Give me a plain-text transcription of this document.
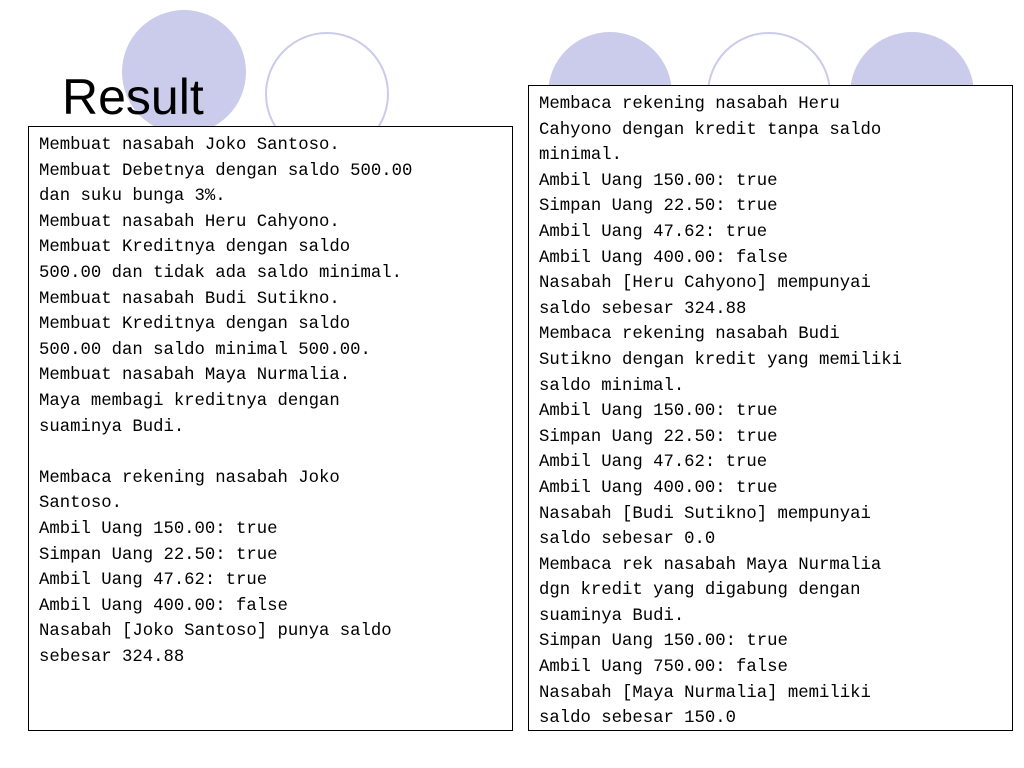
Result
Membuat nasabah Joko Santoso.
Membuat Debetnya dengan saldo 500.00
dan suku bunga 3%.
Membuat nasabah Heru Cahyono.
Membuat Kreditnya dengan saldo
500.00 dan tidak ada saldo minimal.
Membuat nasabah Budi Sutikno.
Membuat Kreditnya dengan saldo
500.00 dan saldo minimal 500.00.
Membuat nasabah Maya Nurmalia.
Maya membagi kreditnya dengan
suaminya Budi.
Membaca rekening nasabah Joko
Santoso.
Ambil Uang 150.00: true
Simpan Uang 22.50: true
Ambil Uang 47.62: true
Ambil Uang 400.00: false
Nasabah [Joko Santoso] punya saldo
sebesar 324.88
Membaca rekening nasabah Heru
Cahyono dengan kredit tanpa saldo
minimal.
Ambil Uang 150.00: true
Simpan Uang 22.50: true
Ambil Uang 47.62: true
Ambil Uang 400.00: false
Nasabah [Heru Cahyono] mempunyai
saldo sebesar 324.88
Membaca rekening nasabah Budi
Sutikno dengan kredit yang memiliki
saldo minimal.
Ambil Uang 150.00: true
Simpan Uang 22.50: true
Ambil Uang 47.62: true
Ambil Uang 400.00: true
Nasabah [Budi Sutikno] mempunyai
saldo sebesar 0.0
Membaca rek nasabah Maya Nurmalia
dgn kredit yang digabung dengan
suaminya Budi.
Simpan Uang 150.00: true
Ambil Uang 750.00: false
Nasabah [Maya Nurmalia] memiliki
saldo sebesar 150.0
